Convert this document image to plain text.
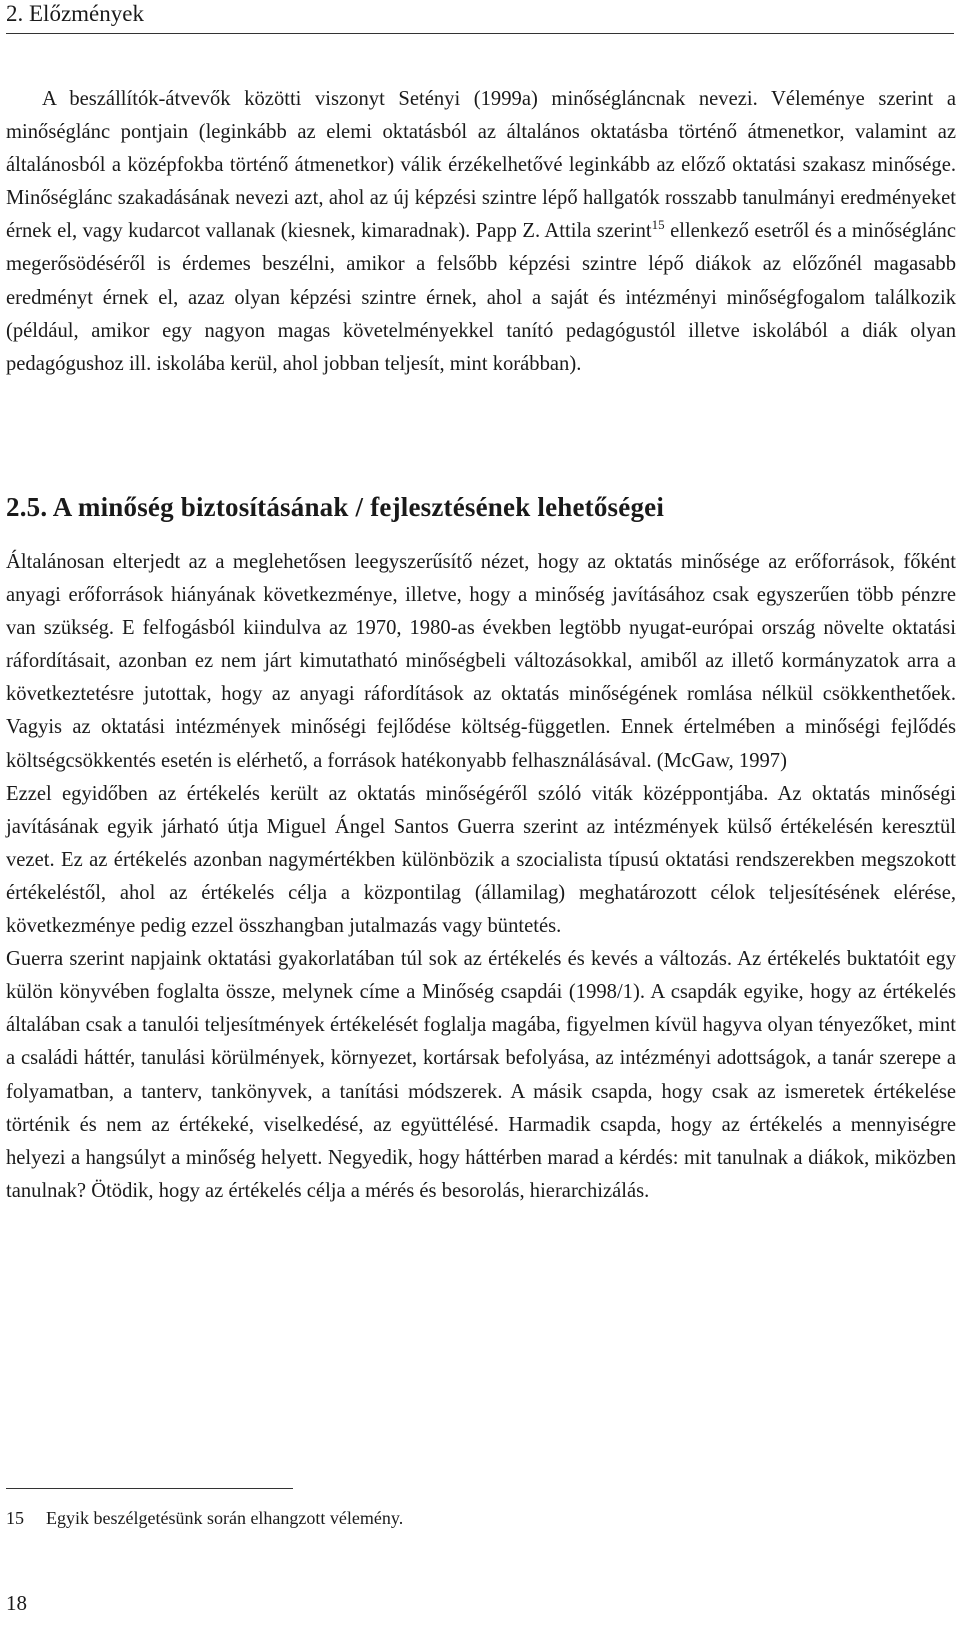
2. Előzmények

A beszállítók-átvevők közötti viszonyt Setényi (1999a) minőségláncnak nevezi. Véleménye szerint a minőséglánc pontjain (leginkább az elemi oktatásból az általános oktatásba történő átmenetkor, valamint az általánosból a középfokba történő átmenetkor) válik érzékelhetővé leginkább az előző oktatási szakasz minősége. Minőséglánc szakadásának nevezi azt, ahol az új képzési szintre lépő hallgatók rosszabb tanulmányi eredményeket érnek el, vagy kudarcot vallanak (kiesnek, kimaradnak). Papp Z. Attila szerint$^{15}$ ellenkező esetről és a minőséglánc megerősödéséről is érdemes beszélni, amikor a felsőbb képzési szintre lépő diákok az előzőnél magasabb eredményt érnek el, azaz olyan képzési szintre érnek, ahol a saját és intézményi minőségfogalom találkozik (például, amikor egy nagyon magas követelményekkel tanító pedagógustól illetve iskolából a diák olyan pedagógushoz ill. iskolába kerül, ahol jobban teljesít, mint korábban).

2.5. A minőség biztosításának / fejlesztésének lehetőségei

Általánosan elterjedt az a meglehetősen leegyszerűsítő nézet, hogy az oktatás minősége az erőforrások, főként anyagi erőforrások hiányának következménye, illetve, hogy a minőség javításához csak egyszerűen több pénzre van szükség. E felfogásból kiindulva az 1970, 1980-as években legtöbb nyugat-európai ország növelte oktatási ráfordításait, azonban ez nem járt kimutatható minőségbeli változásokkal, amiből az illető kormányzatok arra a következtetésre jutottak, hogy az anyagi ráfordítások az oktatás minőségének romlása nélkül csökkenthetőek. Vagyis az oktatási intézmények minőségi fejlődése költség-független. Ennek értelmében a minőségi fejlődés költségcsökkentés esetén is elérhető, a források hatékonyabb felhasználásával. (McGaw, 1997)

Ezzel egyidőben az értékelés került az oktatás minőségéről szóló viták középpontjába. Az oktatás minőségi javításának egyik járható útja Miguel Ángel Santos Guerra szerint az intézmények külső értékelésén keresztül vezet. Ez az értékelés azonban nagymértékben különbözik a szocialista típusú oktatási rendszerekben megszokott értékeléstől, ahol az értékelés célja a központilag (államilag) meghatározott célok teljesítésének elérése, következménye pedig ezzel összhangban jutalmazás vagy büntetés.

Guerra szerint napjaink oktatási gyakorlatában túl sok az értékelés és kevés a változás. Az értékelés buktatóit egy külön könyvében foglalta össze, melynek címe a Minőség csapdái (1998/1). A csapdák egyike, hogy az értékelés általában csak a tanulói teljesítmények értékelését foglalja magába, figyelmen kívül hagyva olyan tényezőket, mint a családi háttér, tanulási körülmények, környezet, kortársak befolyása, az intézményi adottságok, a tanár szerepe a folyamatban, a tanterv, tankönyvek, a tanítási módszerek. A másik csapda, hogy csak az ismeretek értékelése történik és nem az értékeké, viselkedésé, az együttélésé. Harmadik csapda, hogy az értékelés a mennyiségre helyezi a hangsúlyt a minőség helyett. Negyedik, hogy háttérben marad a kérdés: mit tanulnak a diákok, miközben tanulnak? Ötödik, hogy az értékelés célja a mérés és besorolás, hierarchizálás.

15 Egyik beszélgetésünk során elhangzott vélemény.
18
